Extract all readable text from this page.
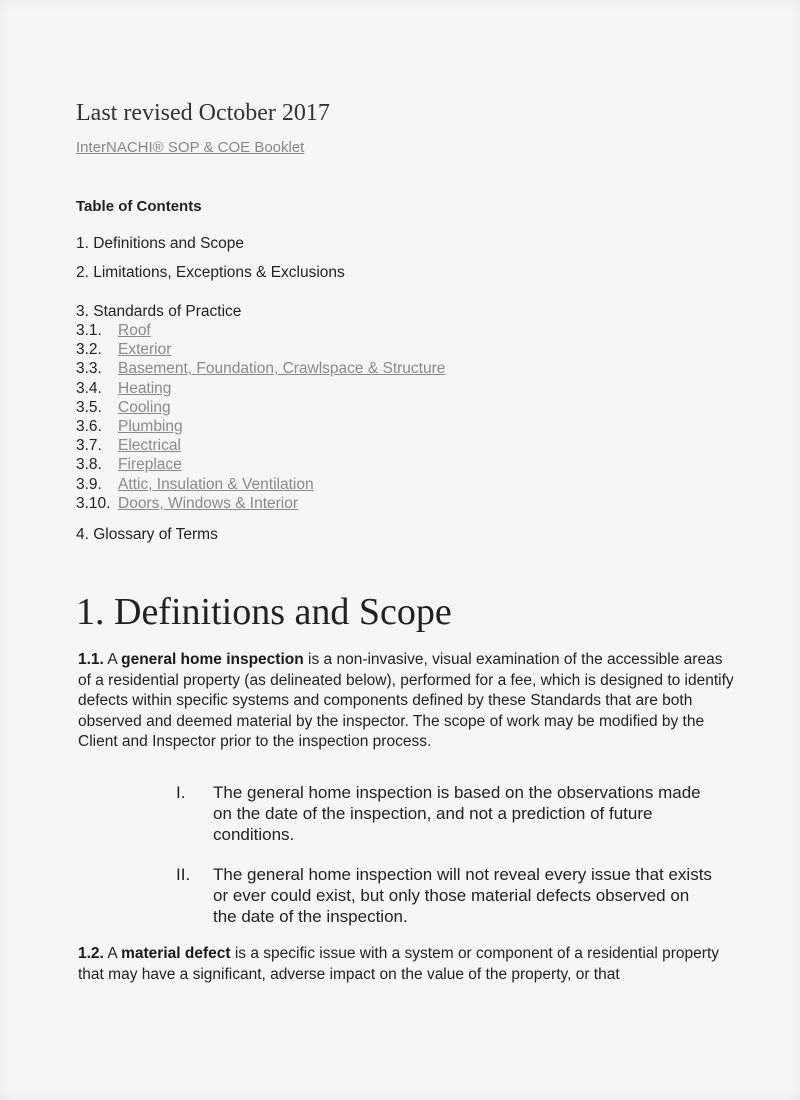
Last revised October 2017
InterNACHI® SOP & COE Booklet
Table of Contents
1. Definitions and Scope
2. Limitations, Exceptions & Exclusions
3. Standards of Practice
3.1. Roof
3.2. Exterior
3.3. Basement, Foundation, Crawlspace & Structure
3.4. Heating
3.5. Cooling
3.6. Plumbing
3.7. Electrical
3.8. Fireplace
3.9. Attic, Insulation & Ventilation
3.10. Doors, Windows & Interior
4. Glossary of Terms
1. Definitions and Scope
1.1. A general home inspection is a non-invasive, visual examination of the accessible areas of a residential property (as delineated below), performed for a fee, which is designed to identify defects within specific systems and components defined by these Standards that are both observed and deemed material by the inspector. The scope of work may be modified by the Client and Inspector prior to the inspection process.
I.	The general home inspection is based on the observations made on the date of the inspection, and not a prediction of future conditions.
II.	The general home inspection will not reveal every issue that exists or ever could exist, but only those material defects observed on the date of the inspection.
1.2. A material defect is a specific issue with a system or component of a residential property that may have a significant, adverse impact on the value of the property, or that
